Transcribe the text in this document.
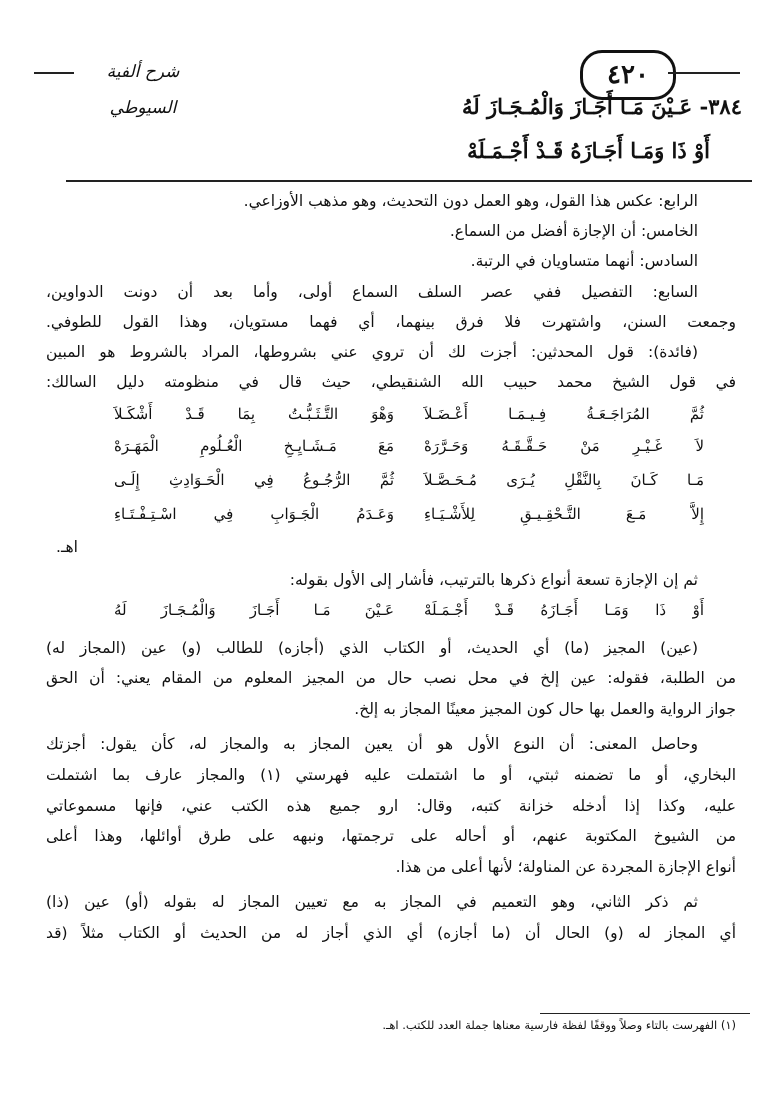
شرح ألفية السيوطي
٤٢٠
٣٨٤- عَـيْنَ مَـا أَجَـازَ وَالْمُـجَـازَ لَهُ
أَوْ ذَا وَمَـا أَجَـازَهُ قَـدْ أَجْـمَـلَهْ
الرابع: عكس هذا القول، وهو العمل دون التحديث، وهو مذهب الأوزاعي.
الخامس: أن الإجازة أفضل من السماع.
السادس: أنهما متساويان في الرتبة.
السابع: التفصيل ففي عصر السلف السماع أولى، وأما بعد أن دونت الدواوين،
وجمعت السنن، واشتهرت فلا فرق بينهما، أي فهما مستويان، وهذا القول للطوفي.
(فائدة): قول المحدثين: أجزت لك أن تروي عني بشروطها، المراد بالشروط هو المبين
في قول الشيخ محمد حبيب الله الشنقيطي، حيث قال في منظومته دليل السالك:
وَهْوَ التَّـثَـبُّـتُ بِمَا قَـدْ أَشْكَـلاَ ثُمَّ المُرَاجَـعَـةُ فِـيـمَـا أَعْـضَـلاَ
مَعَ مَـشَـايِـخِ الْعُـلُومِ الْمَهَـرَهْ لاَ غَـيْـرِ مَنْ حَـقَّـقَـهُ وَحَـرَّرَهْ
ثُمَّ الرُّجُـوعُ فِي الْحَـوَادِثِ إِلَـى مَـا كَـانَ بِالنَّقْلِ يُـرَى مُـحَـصَّـلاَ
وَعَـدَمُ الْجَـوَابِ فِي اسْـتِـفْـتَـاءِ إِلاَّ مَـعَ التَّـحْقِـيـقِ لِلأَشْـيَـاءِ
.اهـ
ثم إن الإجازة تسعة أنواع ذكرها بالترتيب، فأشار إلى الأول بقوله:
عَـيْنَ مَـا أَجَـازَ وَالْمُـجَـازَ لَهُ أَوْ ذَا وَمَـا أَجَـازَهُ قَـدْ أَجْـمَـلَهْ
(عين) المجيز (ما) أي الحديث، أو الكتاب الذي (أجازه) للطالب (و) عين (المجاز له)
من الطلبة، فقوله: عين إلخ في محل نصب حال من المجيز المعلوم من المقام يعني: أن الحق
جواز الرواية والعمل بها حال كون المجيز معينًا المجاز به إلخ.
وحاصل المعنى: أن النوع الأول هو أن يعين المجاز به والمجاز له، كأن يقول: أجزتك
البخاري، أو ما تضمنه ثبتي، أو ما اشتملت عليه فهرستي (١) والمجاز عارف بما اشتملت
عليه، وكذا إذا أدخله خزانة كتبه، وقال: ارو جميع هذه الكتب عني، فإنها مسموعاتي
من الشيوخ المكتوبة عنهم، أو أحاله على ترجمتها، ونبهه على طرق أوائلها، وهذا أعلى
أنواع الإجازة المجردة عن المناولة؛ لأنها أعلى من هذا.
ثم ذكر الثاني، وهو التعميم في المجاز به مع تعيين المجاز له بقوله (أو) عين (ذا)
أي المجاز له (و) الحال أن (ما أجازه) أي الذي أجاز له من الحديث أو الكتاب مثلاً (قد
(١) الفهرست بالتاء وصلاً ووقفًا لفظة فارسية معناها جملة العدد للكتب. اهـ.
